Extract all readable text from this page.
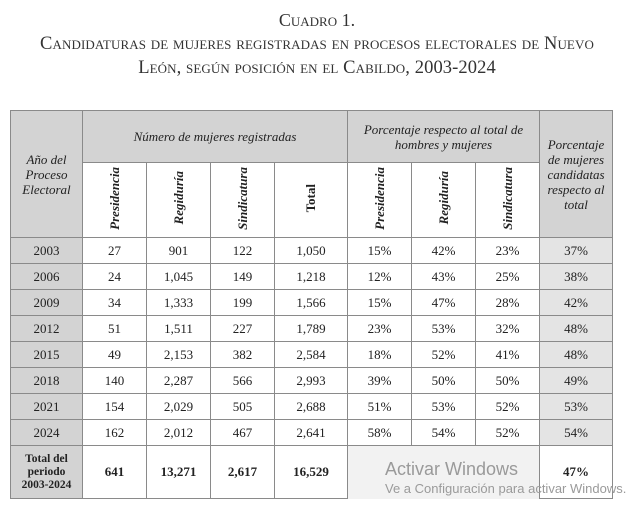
Cuadro 1.
Candidaturas de mujeres registradas en procesos electorales de Nuevo
León, según posición en el Cabildo, 2003-2024
Año del Proceso Electoral	Número de mujeres registradas				Porcentaje respecto al total de hombres y mujeres			Porcentaje de mujeres candidatas respecto al total
	Presidencia	Regiduría	Sindicatura	Total	Presidencia	Regiduría	Sindicatura	
2003	27	901	122	1,050	15%	42%	23%	37%
2006	24	1,045	149	1,218	12%	43%	25%	38%
2009	34	1,333	199	1,566	15%	47%	28%	42%
2012	51	1,511	227	1,789	23%	53%	32%	48%
2015	49	2,153	382	2,584	18%	52%	41%	48%
2018	140	2,287	566	2,993	39%	50%	50%	49%
2021	154	2,029	505	2,688	51%	53%	52%	53%
2024	162	2,012	467	2,641	58%	54%	52%	54%
Total del periodo 2003-2024	641	13,271	2,617	16,529				47%
Activar Windows
Ve a Configuración para activar Windows.
